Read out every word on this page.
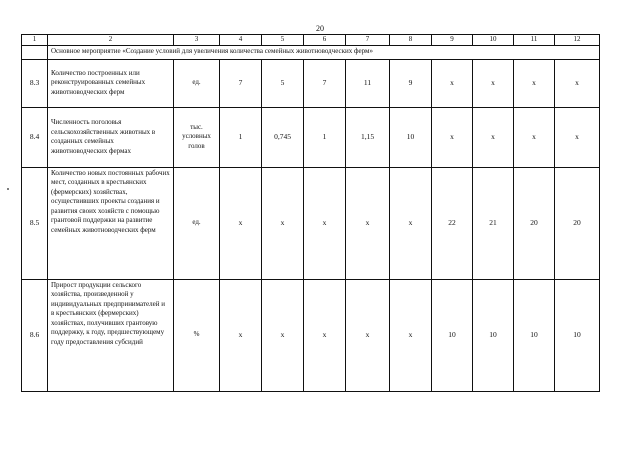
20
1	2	3	4	5	6	7	8	9	10	11	12
	Основное мероприятие «Создание условий для увеличения количества семейных животноводческих ферм»										
8.3	Количество построенных или реконструированных семейных животноводческих ферм	ед.	7	5	7	11	9	х	х	х	х
8.4	Численность поголовья сельскохозяйственных животных в созданных семейных животноводческих фермах	тыс. условных голов	1	0,745	1	1,15	10	х	х	х	х
8.5	Количество новых постоянных рабочих мест, созданных в крестьянских (фермерских) хозяйствах, осуществивших проекты создания и развития своих хозяйств с помощью грантовой поддержки на развитие семейных животноводческих ферм	ед.	х	х	х	х	х	22	21	20	20
8.6	Прирост продукции сельского хозяйства, произведенной у индивидуальных предпринимателей и в крестьянских (фермерских) хозяйствах, получивших грантовую поддержку, к году, предшествующему году предоставления субсидий	%	х	х	х	х	х	10	10	10	10
